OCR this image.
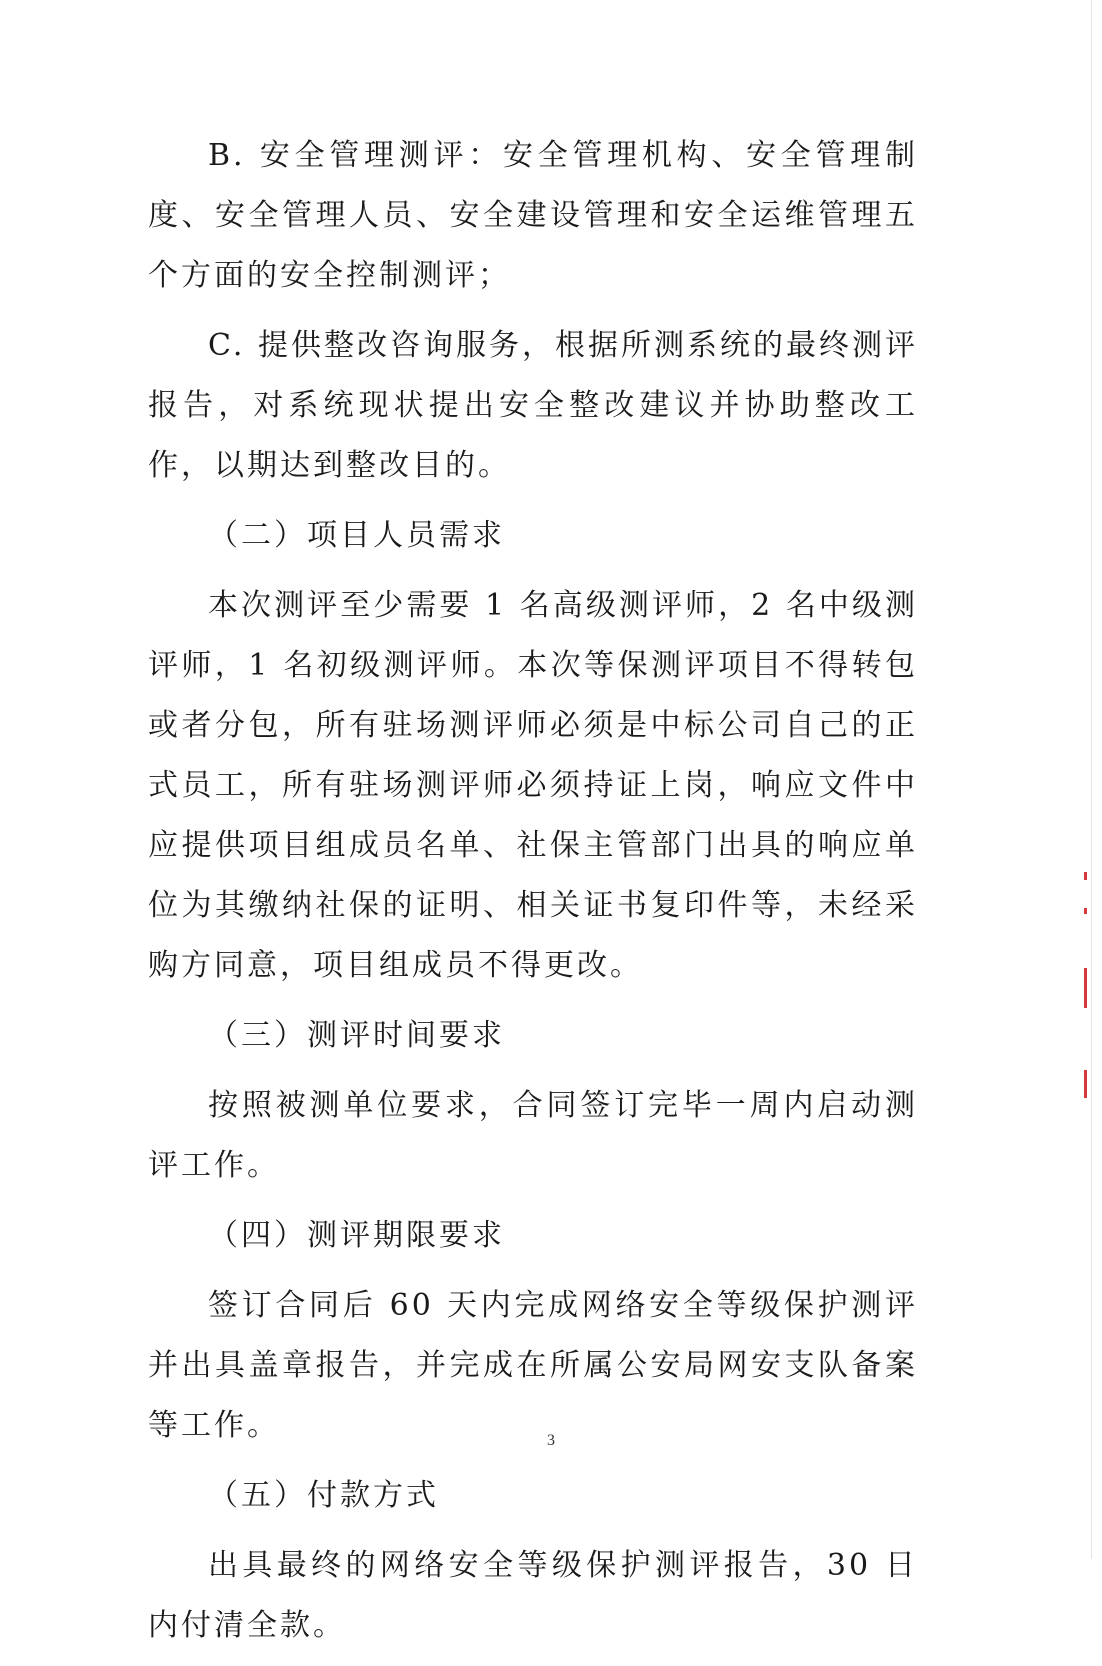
B. 安全管理测评：安全管理机构、安全管理制度、安全管理人员、安全建设管理和安全运维管理五个方面的安全控制测评；

C. 提供整改咨询服务，根据所测系统的最终测评报告，对系统现状提出安全整改建议并协助整改工作，以期达到整改目的。

（二）项目人员需求

本次测评至少需要 1 名高级测评师，2 名中级测评师，1 名初级测评师。本次等保测评项目不得转包或者分包，所有驻场测评师必须是中标公司自己的正式员工，所有驻场测评师必须持证上岗，响应文件中应提供项目组成员名单、社保主管部门出具的响应单位为其缴纳社保的证明、相关证书复印件等，未经采购方同意，项目组成员不得更改。

（三）测评时间要求

按照被测单位要求，合同签订完毕一周内启动测评工作。

（四）测评期限要求

签订合同后 60 天内完成网络安全等级保护测评并出具盖章报告，并完成在所属公安局网安支队备案等工作。

（五）付款方式

出具最终的网络安全等级保护测评报告，30 日内付清全款。

3
